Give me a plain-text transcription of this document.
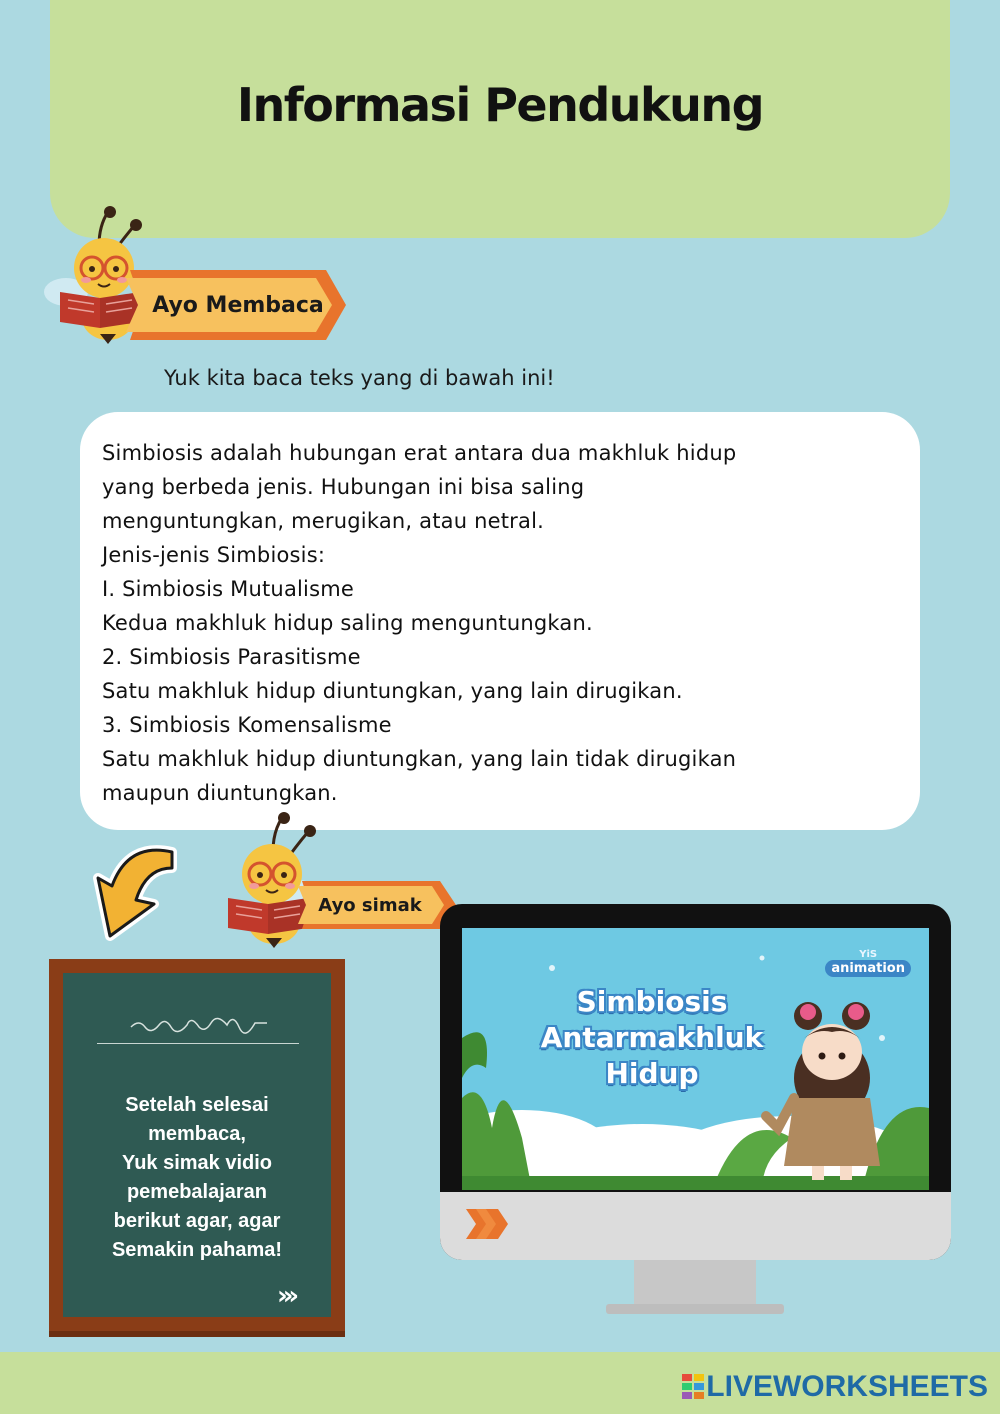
Informasi Pendukung
Ayo Membaca
Yuk kita baca teks yang di bawah ini!
Simbiosis adalah hubungan erat antara dua makhluk hidup
yang berbeda jenis. Hubungan ini bisa saling
menguntungkan, merugikan, atau netral.
Jenis-jenis Simbiosis:
I. Simbiosis Mutualisme
Kedua makhluk hidup saling menguntungkan.
2. Simbiosis Parasitisme
Satu makhluk hidup diuntungkan, yang lain dirugikan.
3. Simbiosis Komensalisme
Satu makhluk hidup diuntungkan, yang lain tidak dirugikan
maupun diuntungkan.
Ayo simak
Setelah selesai
membaca,
Yuk simak vidio
pemebalajaran
berikut agar, agar
Semakin pahama!
›››
Simbiosis
Antarmakhluk
Hidup
YiS
animation
LIVEWORKSHEETS
